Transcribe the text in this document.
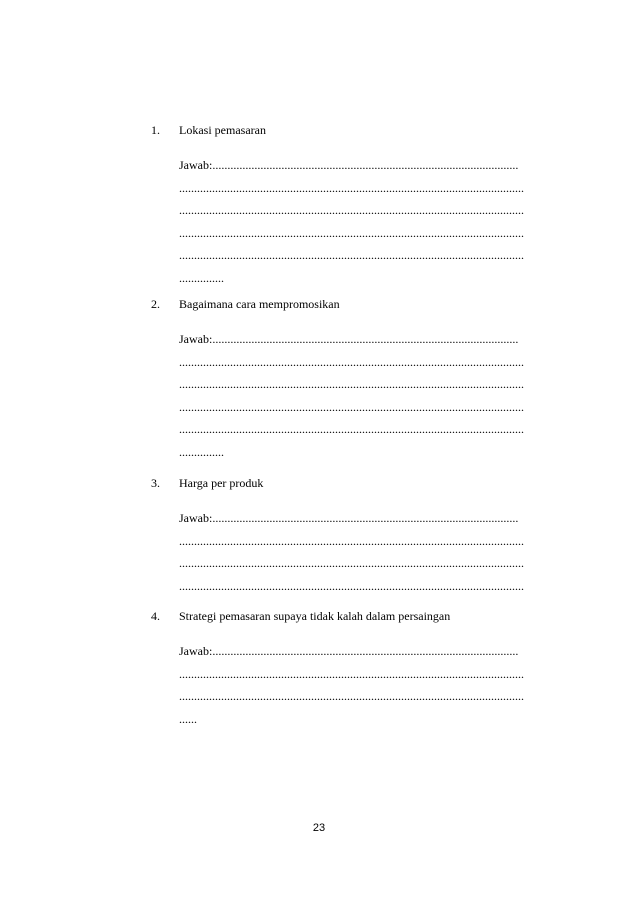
1. Lokasi pemasaran
Jawab:......................................................................................................
...................................................................................................................
...................................................................................................................
...................................................................................................................
...................................................................................................................
...............
2. Bagaimana cara mempromosikan
Jawab:......................................................................................................
...................................................................................................................
...................................................................................................................
...................................................................................................................
...................................................................................................................
...............
3. Harga per produk
Jawab:......................................................................................................
...................................................................................................................
...................................................................................................................
...................................................................................................................
4. Strategi pemasaran supaya tidak kalah dalam persaingan
Jawab:......................................................................................................
...................................................................................................................
...................................................................................................................
......
23
